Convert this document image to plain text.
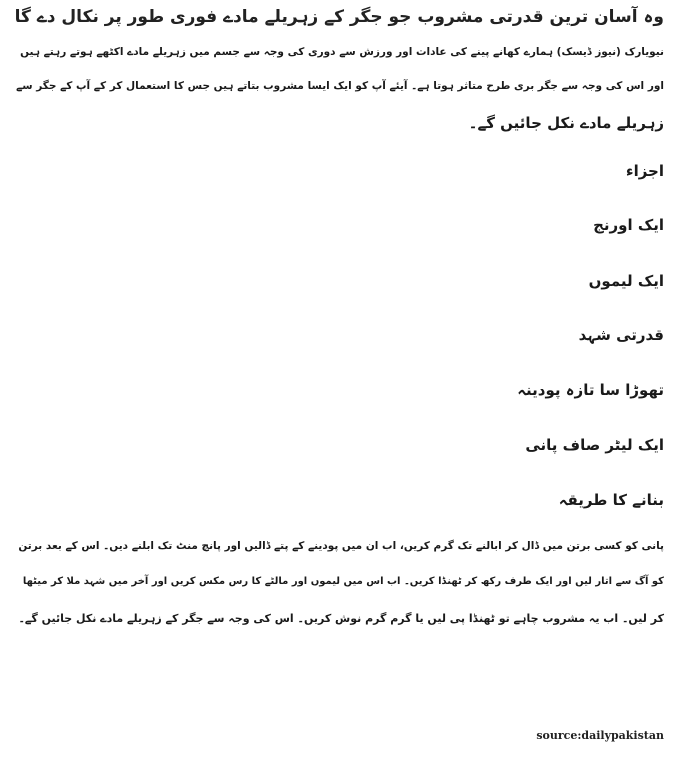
وہ آسان ترین قدرتی مشروب جو جگر کے زہریلے مادے فوری طور پر نکال دے گا
نیویارک (نیوز ڈیسک) ہمارے کھانے پینے کی عادات اور ورزش سے دوری کی وجہ سے جسم میں زہریلے مادے اکٹھے ہوتے رہتے ہیں
اور اس کی وجہ سے جگر بری طرح متاثر ہوتا ہے۔ آیئے آپ کو ایک ایسا مشروب بتاتے ہیں جس کا استعمال کر کے آپ کے جگر سے
زہریلے مادے نکل جائیں گے۔
اجزاء
ایک اورنج
ایک لیموں
قدرتی شہد
تھوڑا سا تازہ پودینہ
ایک لیٹر صاف پانی
بنانے کا طریقہ
پانی کو کسی برتن میں ڈال کر ابالنے تک گرم کریں، اب ان میں پودینے کے پتے ڈالیں اور پانچ منٹ تک ابلنے دیں۔ اس کے بعد برتن
کو آگ سے اتار لیں اور ایک طرف رکھ کر ٹھنڈا کریں۔ اب اس میں لیموں اور مالٹے کا رس مکس کریں اور آخر میں شہد ملا کر میٹھا
کر لیں۔ اب یہ مشروب چاہے تو ٹھنڈا پی لیں یا گرم گرم نوش کریں۔ اس کی وجہ سے جگر کے زہریلے مادے نکل جائیں گے۔
source:dailypakistan
